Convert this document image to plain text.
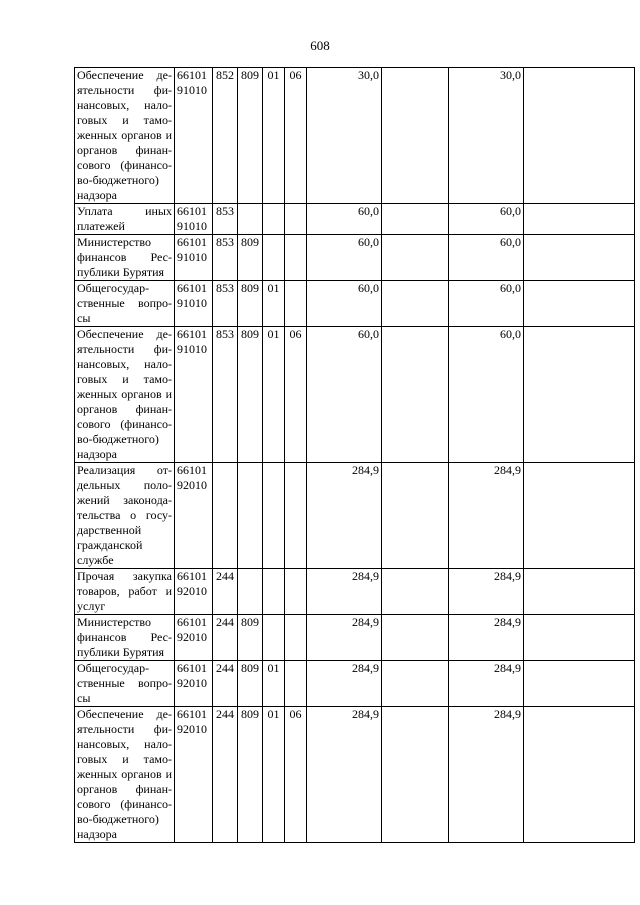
608
Обеспечение де-ятельности фи-нансовых, нало-говых и тамо-женных органов и органов финан-сового (финансо-во-бюджетного) надзора	66101 91010	852	809	01	06	30,0		30,0	

Уплата иных платежей	66101 91010	853				60,0		60,0	

Министерство финансов Рес-публики Бурятия	66101 91010	853	809			60,0		60,0	

Общегосудар-ственные вопро-сы	66101 91010	853	809	01		60,0		60,0	

Обеспечение де-ятельности фи-нансовых, нало-говых и тамо-женных органов и органов финан-сового (финансо-во-бюджетного) надзора	66101 91010	853	809	01	06	60,0		60,0	

Реализация от-дельных поло-жений законода-тельства о госу-дарственной гражданской службе	66101 92010					284,9		284,9	

Прочая закупка товаров, работ и услуг	66101 92010	244				284,9		284,9	

Министерство финансов Рес-публики Бурятия	66101 92010	244	809			284,9		284,9	

Общегосудар-ственные вопро-сы	66101 92010	244	809	01		284,9		284,9	

Обеспечение де-ятельности фи-нансовых, нало-говых и тамо-женных органов и органов финан-сового (финансо-во-бюджетного) надзора	66101 92010	244	809	01	06	284,9		284,9	
